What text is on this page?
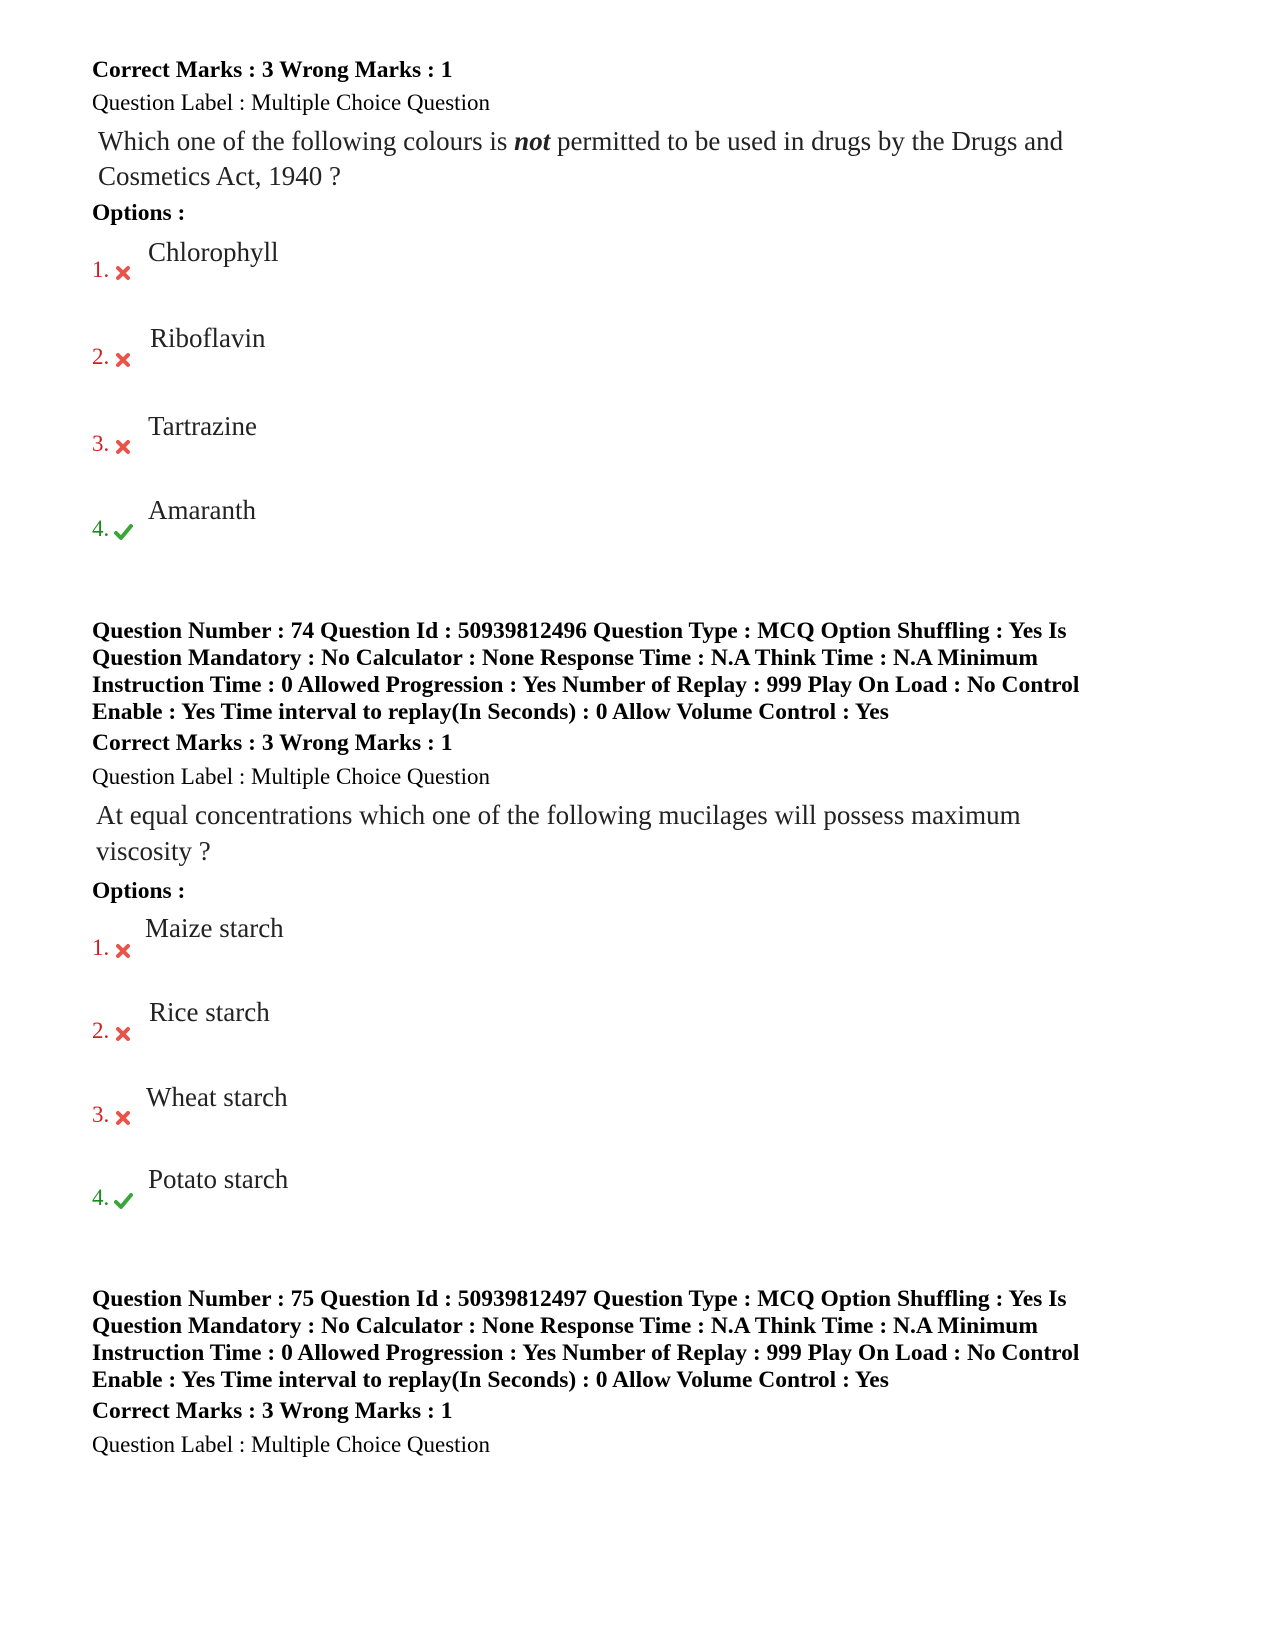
Correct Marks : 3 Wrong Marks : 1
Question Label : Multiple Choice Question
Which one of the following colours is not permitted to be used in drugs by the Drugs and
Cosmetics Act, 1940 ?
Options :
1.
Chlorophyll
2.
Riboflavin
3.
Tartrazine
4.
Amaranth
Question Number : 74 Question Id : 50939812496 Question Type : MCQ Option Shuffling : Yes Is
Question Mandatory : No Calculator : None Response Time : N.A Think Time : N.A Minimum
Instruction Time : 0 Allowed Progression : Yes Number of Replay : 999 Play On Load : No Control
Enable : Yes Time interval to replay(In Seconds) : 0 Allow Volume Control : Yes
Correct Marks : 3 Wrong Marks : 1
Question Label : Multiple Choice Question
At equal concentrations which one of the following mucilages will possess maximum
viscosity ?
Options :
1.
Maize starch
2.
Rice starch
3.
Wheat starch
4.
Potato starch
Question Number : 75 Question Id : 50939812497 Question Type : MCQ Option Shuffling : Yes Is
Question Mandatory : No Calculator : None Response Time : N.A Think Time : N.A Minimum
Instruction Time : 0 Allowed Progression : Yes Number of Replay : 999 Play On Load : No Control
Enable : Yes Time interval to replay(In Seconds) : 0 Allow Volume Control : Yes
Correct Marks : 3 Wrong Marks : 1
Question Label : Multiple Choice Question
